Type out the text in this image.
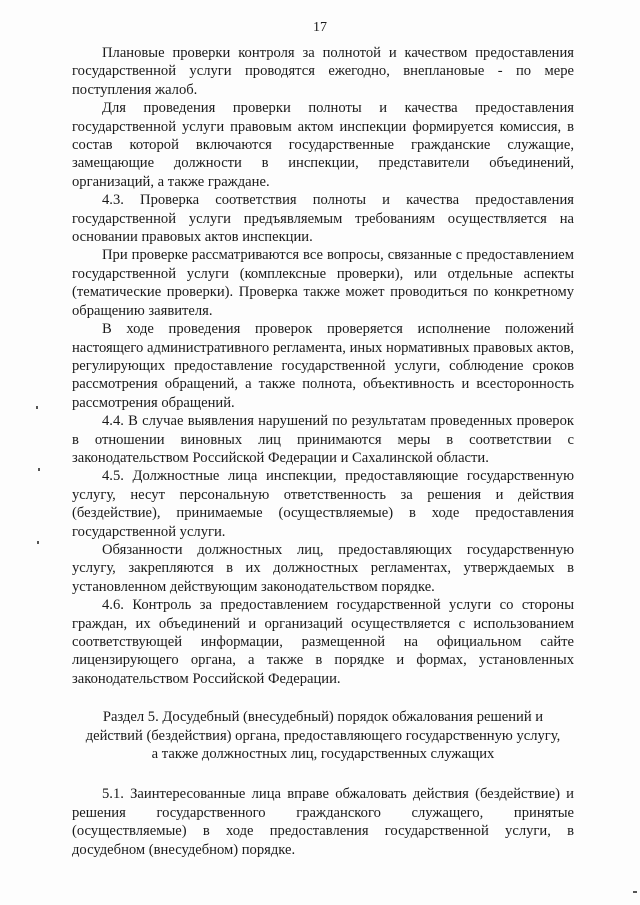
17

Плановые проверки контроля за полнотой и качеством предоставления государственной услуги проводятся ежегодно, внеплановые - по мере поступления жалоб.

Для проведения проверки полноты и качества предоставления государственной услуги правовым актом инспекции формируется комиссия, в состав которой включаются государственные гражданские служащие, замещающие должности в инспекции, представители объединений, организаций, а также граждане.

4.3. Проверка соответствия полноты и качества предоставления государственной услуги предъявляемым требованиям осуществляется на основании правовых актов инспекции.

При проверке рассматриваются все вопросы, связанные с предоставлением государственной услуги (комплексные проверки), или отдельные аспекты (тематические проверки). Проверка также может проводиться по конкретному обращению заявителя.

В ходе проведения проверок проверяется исполнение положений настоящего административного регламента, иных нормативных правовых актов, регулирующих предоставление государственной услуги, соблюдение сроков рассмотрения обращений, а также полнота, объективность и всесторонность рассмотрения обращений.

4.4. В случае выявления нарушений по результатам проведенных проверок в отношении виновных лиц принимаются меры в соответствии с законодательством Российской Федерации и Сахалинской области.

4.5. Должностные лица инспекции, предоставляющие государственную услугу, несут персональную ответственность за решения и действия (бездействие), принимаемые (осуществляемые) в ходе предоставления государственной услуги.

Обязанности должностных лиц, предоставляющих государственную услугу, закрепляются в их должностных регламентах, утверждаемых в установленном действующим законодательством порядке.

4.6. Контроль за предоставлением государственной услуги со стороны граждан, их объединений и организаций осуществляется с использованием соответствующей информации, размещенной на официальном сайте лицензирующего органа, а также в порядке и формах, установленных законодательством Российской Федерации.

Раздел 5. Досудебный (внесудебный) порядок обжалования решений и
действий (бездействия) органа, предоставляющего государственную услугу,
а также должностных лиц, государственных служащих

5.1. Заинтересованные лица вправе обжаловать действия (бездействие) и решения государственного гражданского служащего, принятые (осуществляемые) в ходе предоставления государственной услуги, в досудебном (внесудебном) порядке.
